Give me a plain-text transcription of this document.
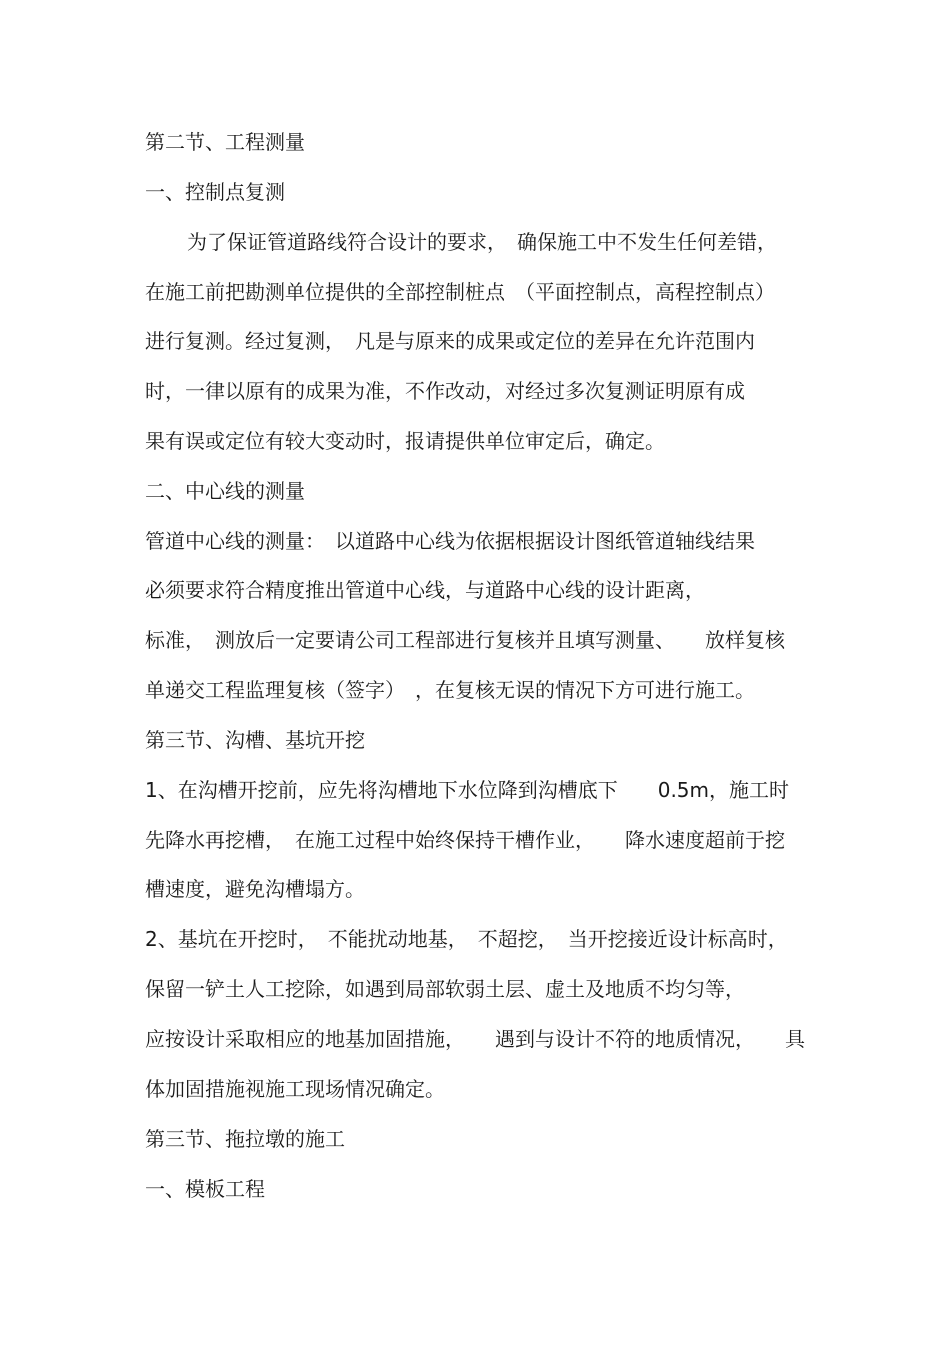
第二节、工程测量
一、控制点复测
为了保证管道路线符合设计的要求，　确保施工中不发生任何差错，
在施工前把勘测单位提供的全部控制桩点　（平面控制点，高程控制点）
进行复测。经过复测，　凡是与原来的成果或定位的差异在允许范围内
时，一律以原有的成果为准，不作改动，对经过多次复测证明原有成
果有误或定位有较大变动时，报请提供单位审定后，确定。
二、中心线的测量
管道中心线的测量：　以道路中心线为依据根据设计图纸管道轴线结果
必须要求符合精度推出管道中心线，与道路中心线的设计距离，
标准，　测放后一定要请公司工程部进行复核并且填写测量、　　放样复核
单递交工程监理复核（签字）　，在复核无误的情况下方可进行施工。
第三节、沟槽、基坑开挖
1、在沟槽开挖前，应先将沟槽地下水位降到沟槽底下　　0.5m，施工时
先降水再挖槽，　在施工过程中始终保持干槽作业，　　降水速度超前于挖
槽速度，避免沟槽塌方。
2、基坑在开挖时，　不能扰动地基，　不超挖，　当开挖接近设计标高时，
保留一铲土人工挖除，如遇到局部软弱土层、虚土及地质不均匀等，
应按设计采取相应的地基加固措施，　　遇到与设计不符的地质情况，　　具
体加固措施视施工现场情况确定。
第三节、拖拉墩的施工
一、模板工程
